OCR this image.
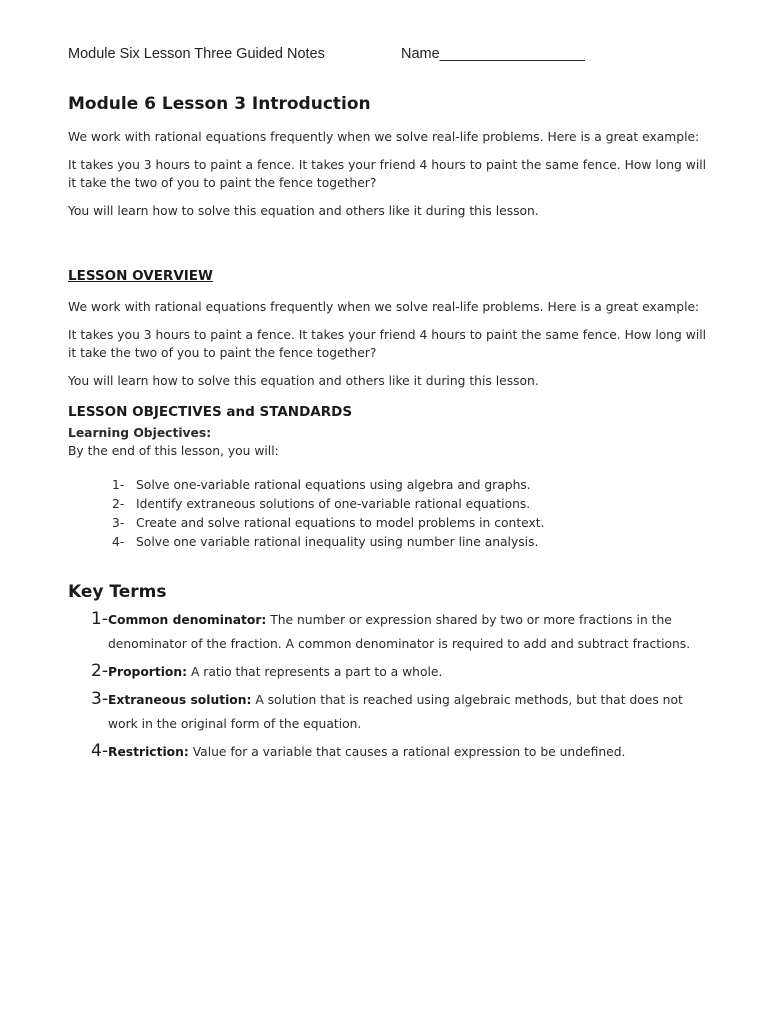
Module Six Lesson Three Guided Notes	Name__________________
Module 6 Lesson 3 Introduction

We work with rational equations frequently when we solve real-life problems. Here is a great example:

It takes you 3 hours to paint a fence. It takes your friend 4 hours to paint the same fence. How long will it take the two of you to paint the fence together?

You will learn how to solve this equation and others like it during this lesson.

LESSON OVERVIEW

We work with rational equations frequently when we solve real-life problems. Here is a great example:

It takes you 3 hours to paint a fence. It takes your friend 4 hours to paint the same fence. How long will it take the two of you to paint the fence together?

You will learn how to solve this equation and others like it during this lesson.

LESSON OBJECTIVES and STANDARDS
Learning Objectives:
By the end of this lesson, you will:
1- Solve one-variable rational equations using algebra and graphs.
2- Identify extraneous solutions of one-variable rational equations.
3- Create and solve rational equations to model problems in context.
4- Solve one variable rational inequality using number line analysis.
Key Terms
1- Common denominator: The number or expression shared by two or more fractions in the denominator of the fraction. A common denominator is required to add and subtract fractions.
2- Proportion: A ratio that represents a part to a whole.
3- Extraneous solution: A solution that is reached using algebraic methods, but that does not work in the original form of the equation.
4- Restriction: Value for a variable that causes a rational expression to be undefined.
